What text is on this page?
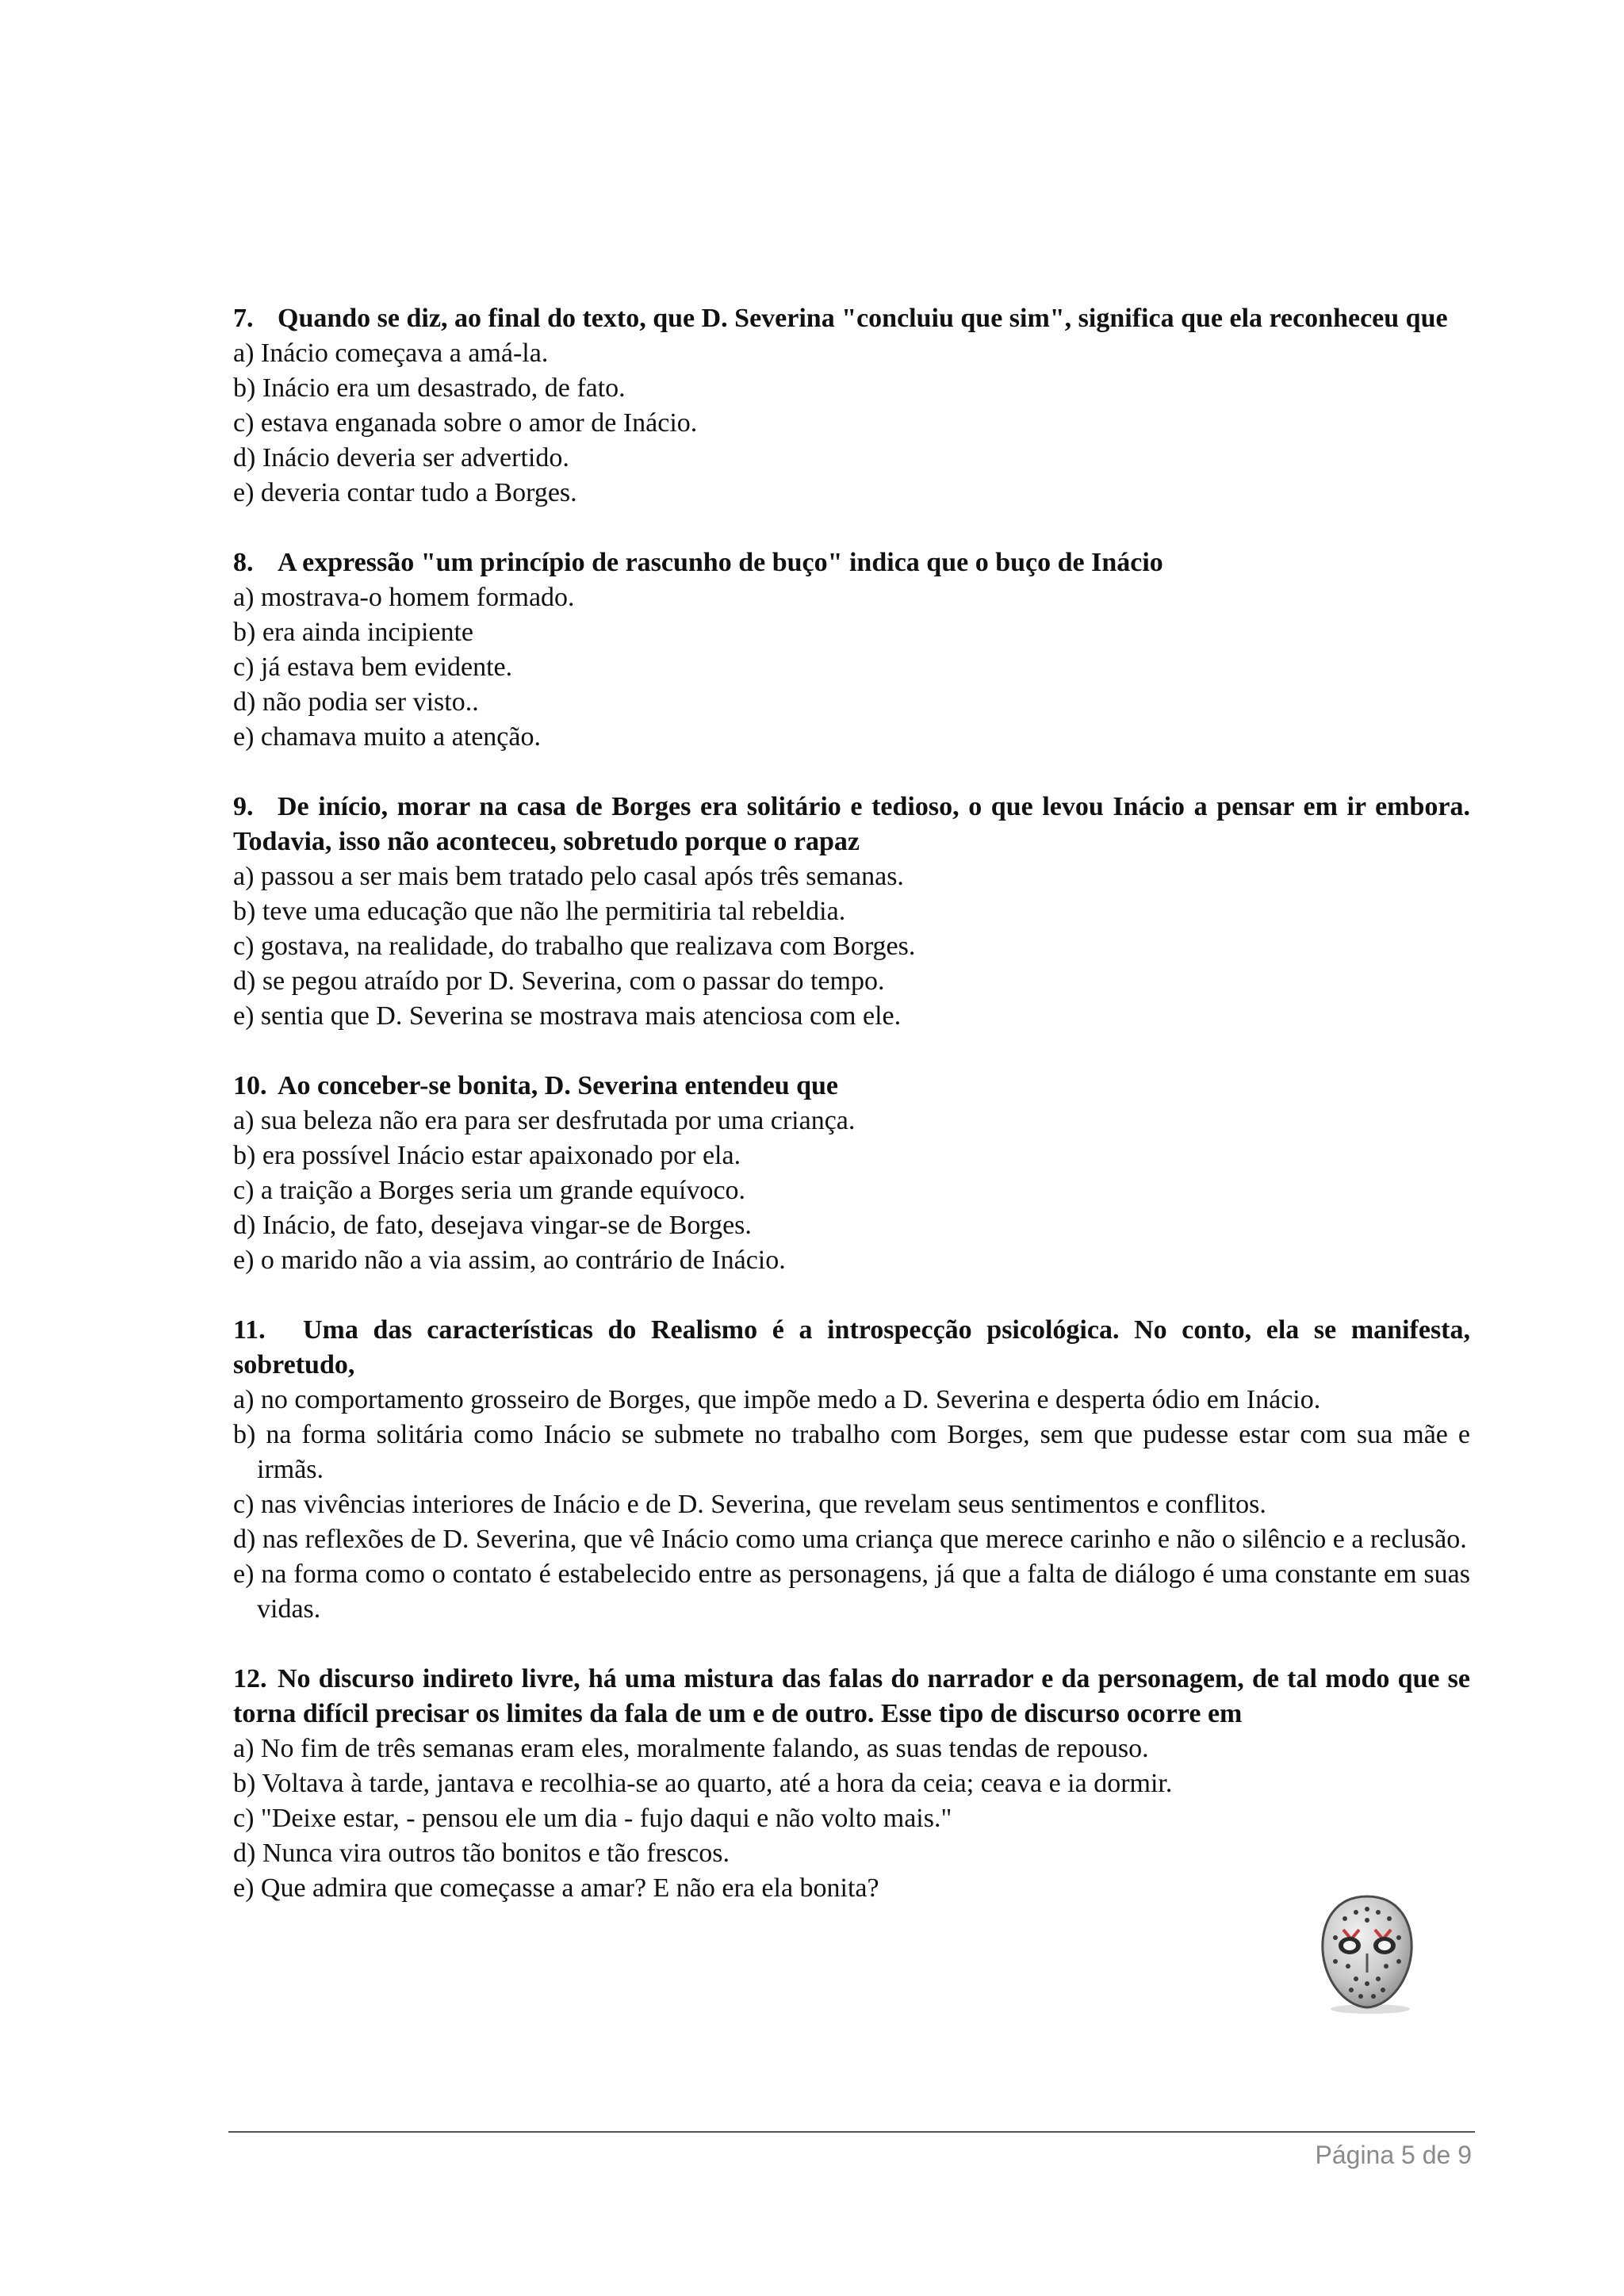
7. Quando se diz, ao final do texto, que D. Severina "concluiu que sim", significa que ela reconheceu que

a) Inácio começava a amá-la.

b) Inácio era um desastrado, de fato.

c) estava enganada sobre o amor de Inácio.

d) Inácio deveria ser advertido.

e) deveria contar tudo a Borges.

8. A expressão "um princípio de rascunho de buço" indica que o buço de Inácio

a) mostrava-o homem formado.

b) era ainda incipiente

c) já estava bem evidente.

d) não podia ser visto..

e) chamava muito a atenção.

9. De início, morar na casa de Borges era solitário e tedioso, o que levou Inácio a pensar em ir embora. Todavia, isso não aconteceu, sobretudo porque o rapaz

a) passou a ser mais bem tratado pelo casal após três semanas.

b) teve uma educação que não lhe permitiria tal rebeldia.

c) gostava, na realidade, do trabalho que realizava com Borges.

d) se pegou atraído por D. Severina, com o passar do tempo.

e) sentia que D. Severina se mostrava mais atenciosa com ele.

10. Ao conceber-se bonita, D. Severina entendeu que

a) sua beleza não era para ser desfrutada por uma criança.

b) era possível Inácio estar apaixonado por ela.

c) a traição a Borges seria um grande equívoco.

d) Inácio, de fato, desejava vingar-se de Borges.

e) o marido não a via assim, ao contrário de Inácio.

11. Uma das características do Realismo é a introspecção psicológica. No conto, ela se manifesta, sobretudo,

a) no comportamento grosseiro de Borges, que impõe medo a D. Severina e desperta ódio em Inácio.

b) na forma solitária como Inácio se submete no trabalho com Borges, sem que pudesse estar com sua mãe e irmãs.

c) nas vivências interiores de Inácio e de D. Severina, que revelam seus sentimentos e conflitos.

d) nas reflexões de D. Severina, que vê Inácio como uma criança que merece carinho e não o silêncio e a reclusão.

e) na forma como o contato é estabelecido entre as personagens, já que a falta de diálogo é uma constante em suas vidas.

12. No discurso indireto livre, há uma mistura das falas do narrador e da personagem, de tal modo que se torna difícil precisar os limites da fala de um e de outro. Esse tipo de discurso ocorre em

a) No fim de três semanas eram eles, moralmente falando, as suas tendas de repouso.

b) Voltava à tarde, jantava e recolhia-se ao quarto, até a hora da ceia; ceava e ia dormir.

c) "Deixe estar, - pensou ele um dia - fujo daqui e não volto mais."

d) Nunca vira outros tão bonitos e tão frescos.

e) Que admira que começasse a amar? E não era ela bonita?

Página 5 de 9
